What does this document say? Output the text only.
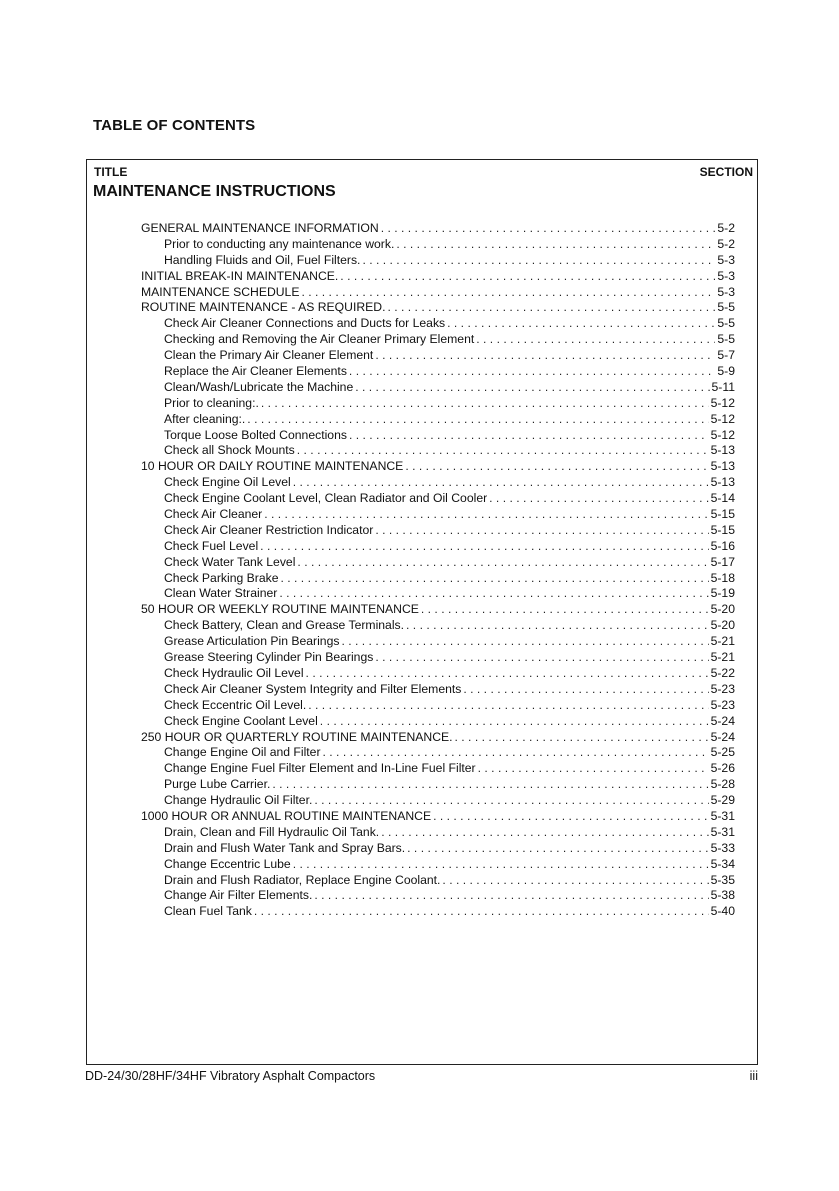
TABLE OF CONTENTS
TITLE	SECTION
MAINTENANCE INSTRUCTIONS
GENERAL MAINTENANCE INFORMATION . . .	5-2
Prior to conducting any maintenance work. . . .	5-2
Handling Fluids and Oil, Fuel Filters. . . .	5-3
INITIAL BREAK-IN MAINTENANCE. . . .	5-3
MAINTENANCE SCHEDULE . . .	5-3
ROUTINE MAINTENANCE - AS REQUIRED. . . .	5-5
Check Air Cleaner Connections and Ducts for Leaks . . .	5-5
Checking and Removing the Air Cleaner Primary Element . . .	5-5
Clean the Primary Air Cleaner Element . . .	5-7
Replace the Air Cleaner Elements . . .	5-9
Clean/Wash/Lubricate the Machine . . .	5-11
Prior to cleaning:. . . .	5-12
After cleaning:. . . .	5-12
Torque Loose Bolted Connections . . .	5-12
Check all Shock Mounts . . .	5-13
10 HOUR OR DAILY ROUTINE MAINTENANCE . . .	5-13
Check Engine Oil Level . . .	5-13
Check Engine Coolant Level, Clean Radiator and Oil Cooler . . .	5-14
Check Air Cleaner . . .	5-15
Check Air Cleaner Restriction Indicator . . .	5-15
Check Fuel Level . . .	5-16
Check Water Tank Level . . .	5-17
Check Parking Brake . . .	5-18
Clean Water Strainer . . .	5-19
50 HOUR OR WEEKLY ROUTINE MAINTENANCE . . .	5-20
Check Battery, Clean and Grease Terminals. . . .	5-20
Grease Articulation Pin Bearings . . .	5-21
Grease Steering Cylinder Pin Bearings . . .	5-21
Check Hydraulic Oil Level . . .	5-22
Check Air Cleaner System Integrity and Filter Elements . . .	5-23
Check Eccentric Oil Level. . . .	5-23
Check Engine Coolant Level . . .	5-24
250 HOUR OR QUARTERLY ROUTINE MAINTENANCE. . . .	5-24
Change Engine Oil and Filter . . .	5-25
Change Engine Fuel Filter Element and In-Line Fuel Filter . . .	5-26
Purge Lube Carrier. . . .	5-28
Change Hydraulic Oil Filter. . . .	5-29
1000 HOUR OR ANNUAL ROUTINE MAINTENANCE . . .	5-31
Drain, Clean and Fill Hydraulic Oil Tank. . . .	5-31
Drain and Flush Water Tank and Spray Bars. . . .	5-33
Change Eccentric Lube . . .	5-34
Drain and Flush Radiator, Replace Engine Coolant. . . .	5-35
Change Air Filter Elements. . . .	5-38
Clean Fuel Tank . . .	5-40
DD-24/30/28HF/34HF Vibratory Asphalt Compactors	iii
